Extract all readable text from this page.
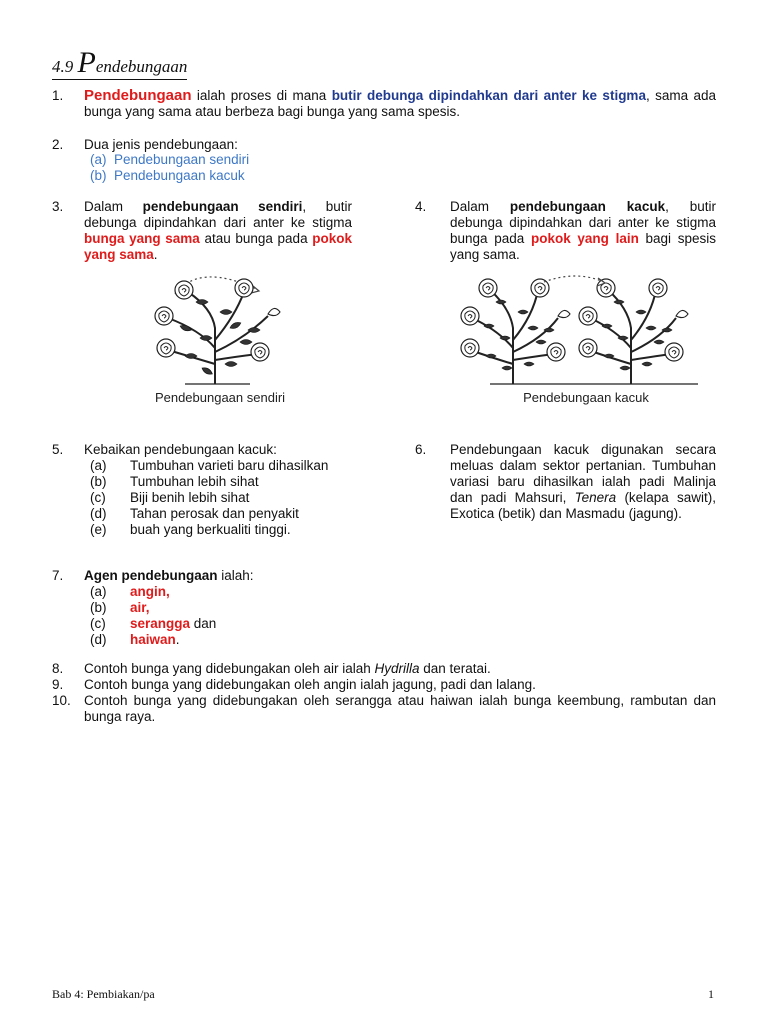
4.9 Pendebungaan
1. Pendebungaan ialah proses di mana butir debunga dipindahkan dari anter ke stigma, sama ada bunga yang sama atau berbeza bagi bunga yang sama spesis.
2. Dua jenis pendebungaan:
(a) Pendebungaan sendiri
(b) Pendebungaan kacuk
3. Dalam pendebungaan sendiri, butir debunga dipindahkan dari anter ke stigma bunga yang sama atau bunga pada pokok yang sama.
4. Dalam pendebungaan kacuk, butir debunga dipindahkan dari anter ke stigma bunga pada pokok yang lain bagi spesis yang sama.
Pendebungaan sendiri	Pendebungaan kacuk
5. Kebaikan pendebungaan kacuk:
(a) Tumbuhan varieti baru dihasilkan
(b) Tumbuhan lebih sihat
(c) Biji benih lebih sihat
(d) Tahan perosak dan penyakit
(e) buah yang berkualiti tinggi.
6. Pendebungaan kacuk digunakan secara meluas dalam sektor pertanian. Tumbuhan variasi baru dihasilkan ialah padi Malinja dan padi Mahsuri, Tenera (kelapa sawit), Exotica (betik) dan Masmadu (jagung).
7. Agen pendebungaan ialah:
(a) angin,
(b) air,
(c) serangga dan
(d) haiwan.
8. Contoh bunga yang didebungakan oleh air ialah Hydrilla dan teratai.
9. Contoh bunga yang didebungakan oleh angin ialah jagung, padi dan lalang.
10. Contoh bunga yang didebungakan oleh serangga atau haiwan ialah bunga keembung, rambutan dan bunga raya.
Bab 4: Pembiakan/pa	1
